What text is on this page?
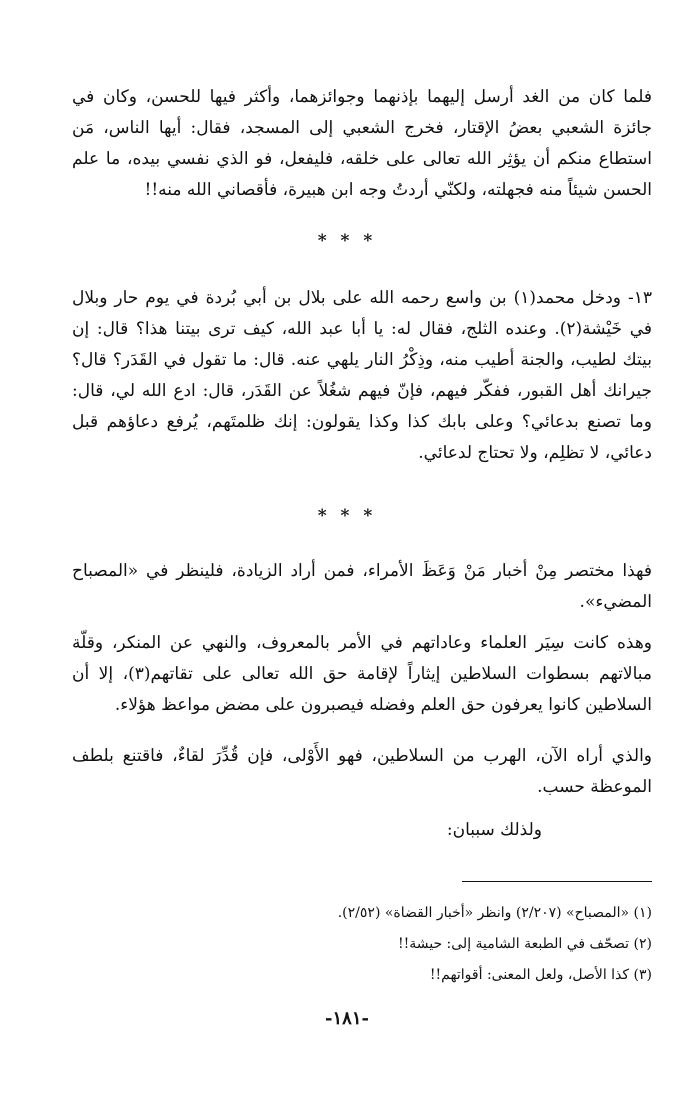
فلما كان من الغد أرسل إليهما بإذنهما وجوائزهما، وأكثر فيها للحسن، وكان في جائزة الشعبي بعضُ الإقتار، فخرج الشعبي إلى المسجد، فقال: أيها الناس، مَن استطاع منكم أن يؤثِر الله تعالى على خلقه، فليفعل، فو الذي نفسي بيده، ما علم الحسن شيئاً منه فجهلته، ولكنّي أردتُ وجه ابن هبيرة، فأقصاني الله منه!!

* * *

١٣- ودخل محمد(١) بن واسع رحمه الله على بلال بن أبي بُردة في يوم حار وبلال في خَيْشة(٢). وعنده الثلج، فقال له: يا أبا عبد الله، كيف ترى بيتنا هذا؟ قال: إن بيتك لطيب، والجنة أطيب منه، وذِكْرُ النار يلهي عنه. قال: ما تقول في القَدَر؟ قال؟ جيرانك أهل القبور، ففكّر فيهم، فإنّ فيهم شغُلاً عن القَدَر، قال: ادع الله لي، قال: وما تصنع بدعائي؟ وعلى بابك كذا وكذا يقولون: إنك ظلمتَهم، يُرفع دعاؤهم قبل دعائي، لا تظلِم، ولا تحتاج لدعائي.

* * *

فهذا مختصر مِنْ أخبار مَنْ وَعَظَ الأمراء، فمن أراد الزيادة، فلينظر في «المصباح المضيء».

وهذه كانت سِيَر العلماء وعاداتهم في الأمر بالمعروف، والنهي عن المنكر، وقلّة مبالاتهم بسطوات السلاطين إيثاراً لإقامة حق الله تعالى على تقاتهم(٣)، إلا أن السلاطين كانوا يعرفون حق العلم وفضله فيصبرون على مضض مواعظ هؤلاء.

والذي أراه الآن، الهرب من السلاطين، فهو الأَوْلى، فإن قُدِّرَ لقاءٌ، فاقتنع بلطف الموعظة حسب.

ولذلك سببان:

(١) «المصباح» (٢/٢٠٧) وانظر «أخبار القضاة» (٢/٥٢).
(٢) تصحّف في الطبعة الشامية إلى: حيشة!!
(٣) كذا الأصل، ولعل المعنى: أقواتهم!!
-١٨١-
